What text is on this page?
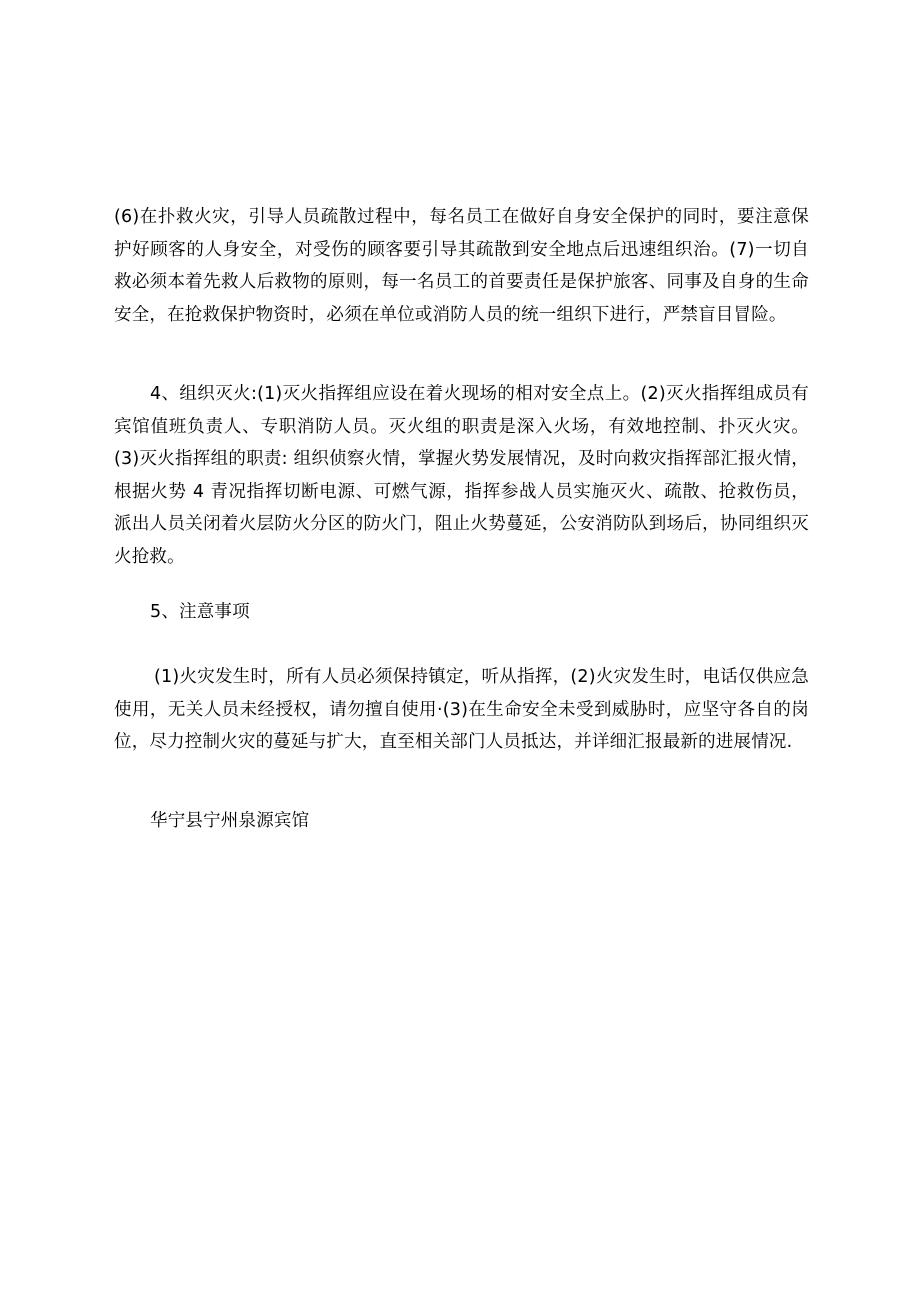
(6)在扑救火灾，引导人员疏散过程中，每名员工在做好自身安全保护的同时，要注意保护好顾客的人身安全，对受伤的顾客要引导其疏散到安全地点后迅速组织治。(7)一切自救必须本着先救人后救物的原则，每一名员工的首要责任是保护旅客、同事及自身的生命安全，在抢救保护物资时，必须在单位或消防人员的统一组织下进行，严禁盲目冒险。
4、组织灭火:(1)灭火指挥组应设在着火现场的相对安全点上。(2)灭火指挥组成员有宾馆值班负责人、专职消防人员。灭火组的职责是深入火场，有效地控制、扑灭火灾。(3)灭火指挥组的职责: 组织侦察火情，掌握火势发展情况，及时向救灾指挥部汇报火情，根据火势 4 青况指挥切断电源、可燃气源，指挥参战人员实施灭火、疏散、抢救伤员，派出人员关闭着火层防火分区的防火门，阻止火势蔓延，公安消防队到场后，协同组织灭火抢救。
5、注意事项
(1)火灾发生时，所有人员必须保持镇定，听从指挥，(2)火灾发生时，电话仅供应急使用，无关人员未经授权，请勿擅自使用·(3)在生命安全未受到威胁时，应坚守各自的岗位，尽力控制火灾的蔓延与扩大，直至相关部门人员抵达，并详细汇报最新的进展情况.
华宁县宁州泉源宾馆
